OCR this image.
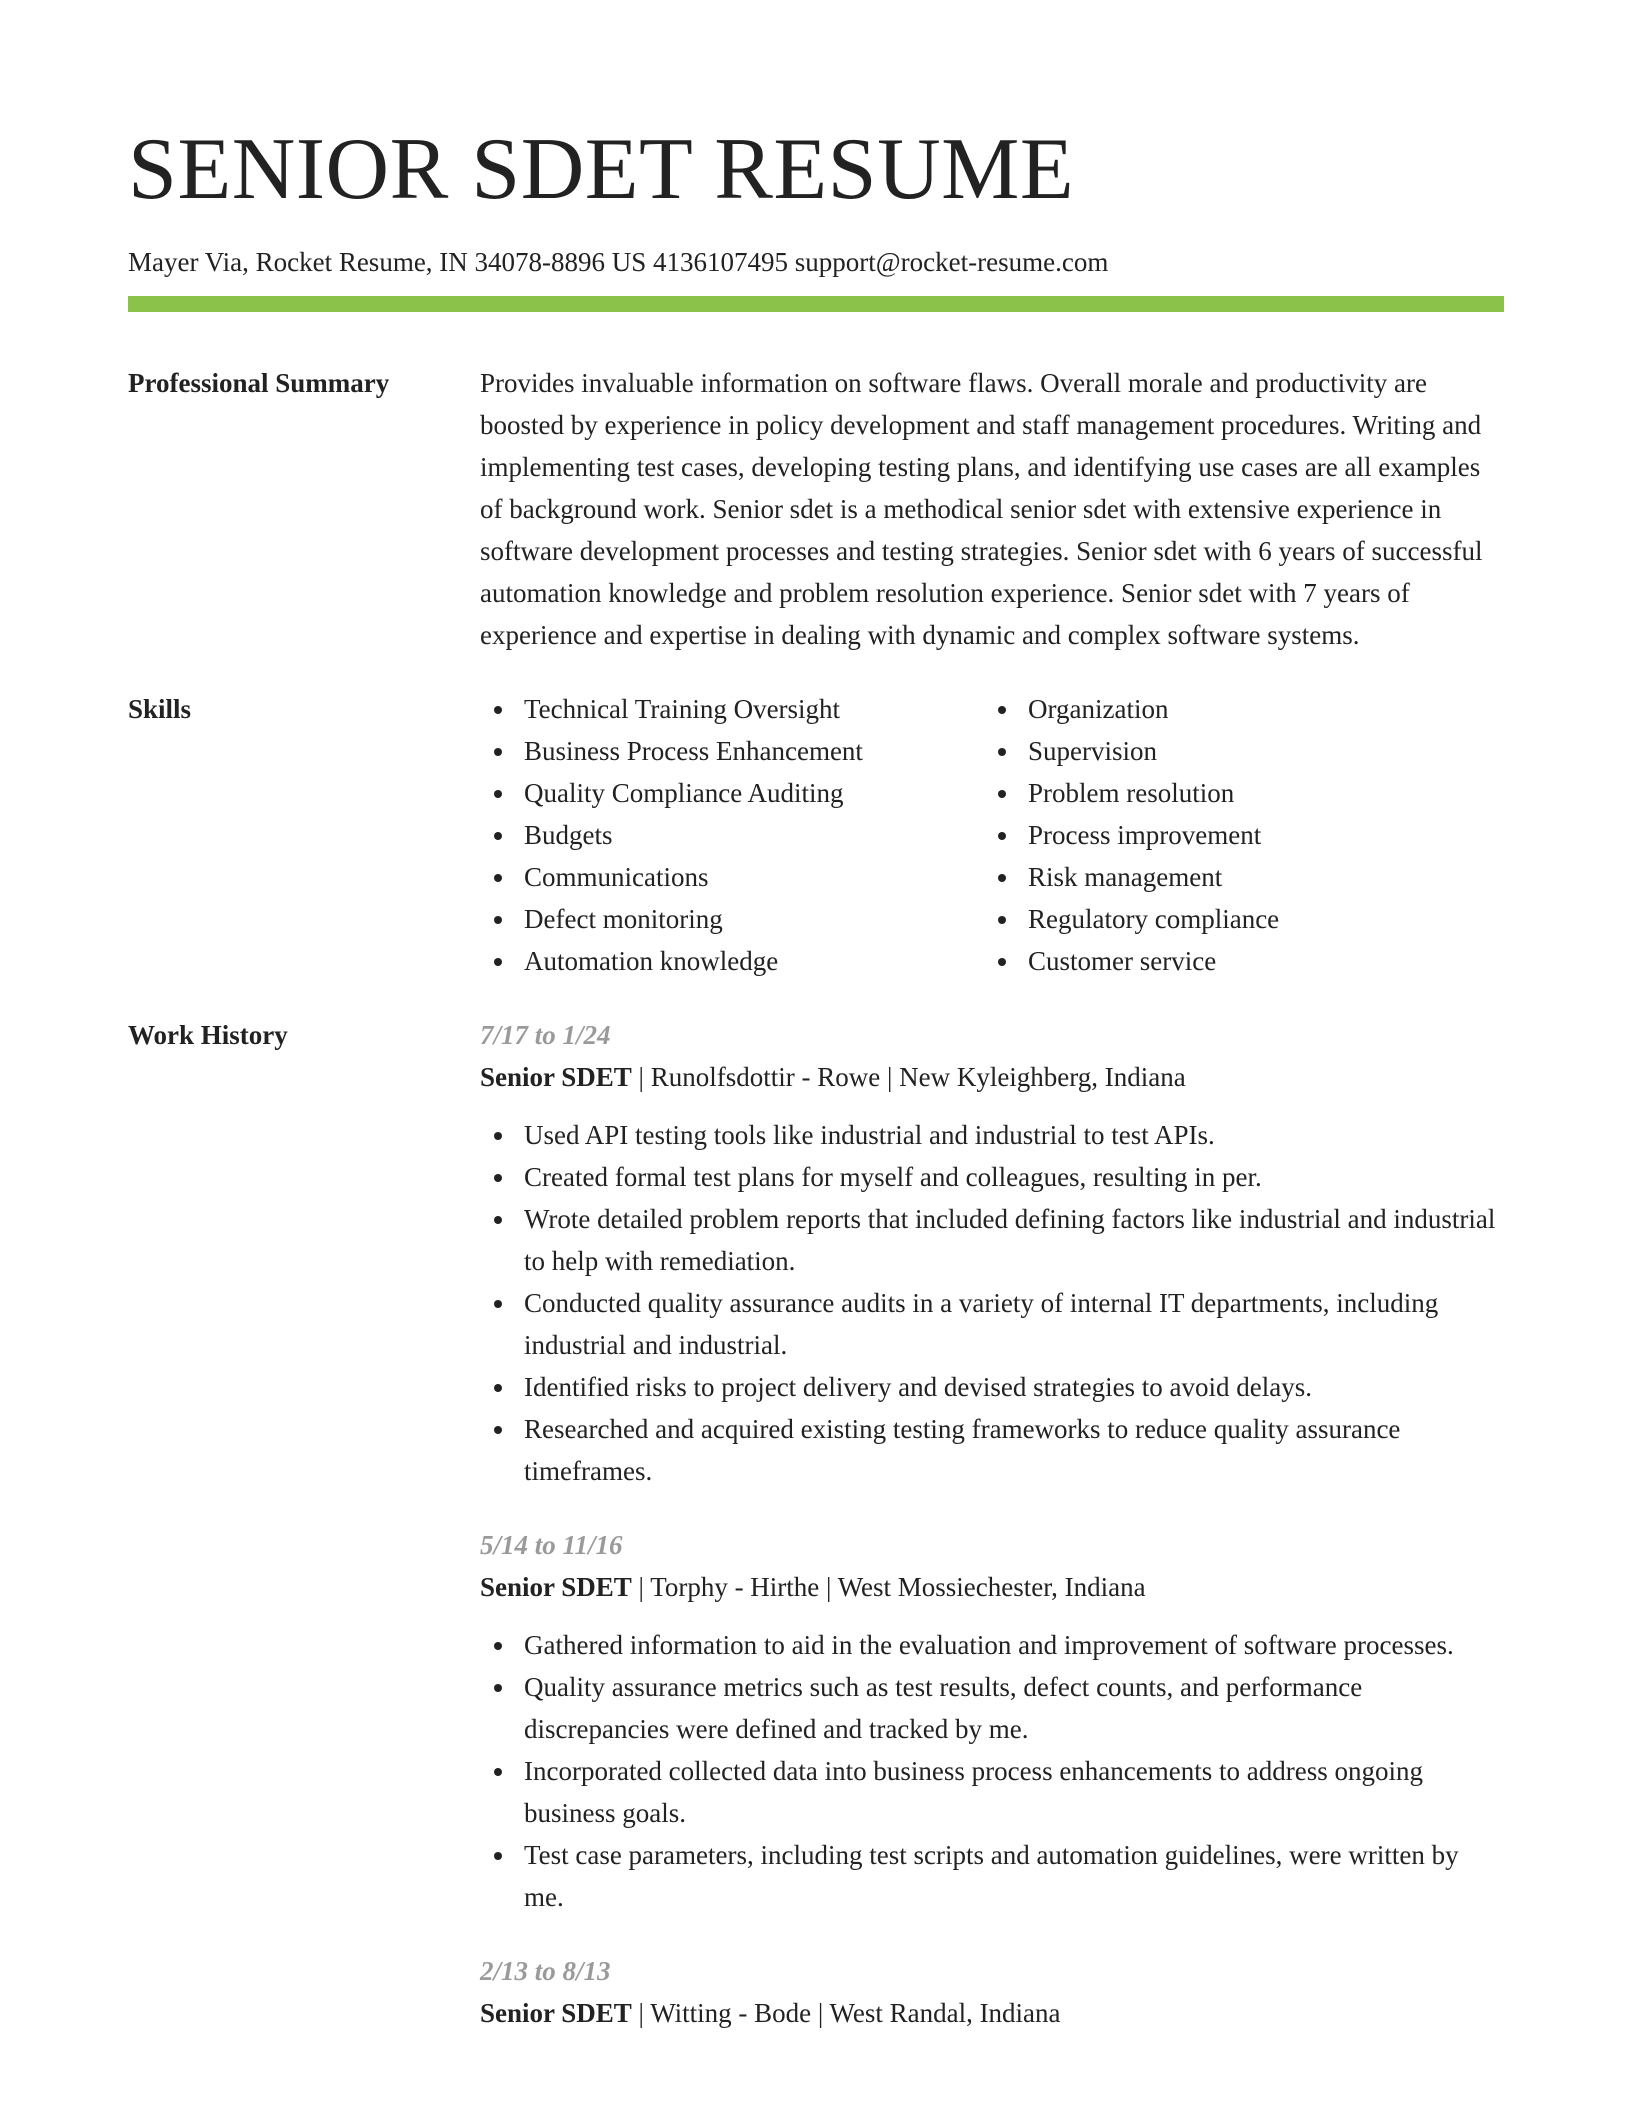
SENIOR SDET RESUME
Mayer Via, Rocket Resume, IN 34078-8896 US 4136107495 support@rocket-resume.com
Professional Summary	Provides invaluable information on software flaws. Overall morale and productivity are boosted by experience in policy development and staff management procedures. Writing and implementing test cases, developing testing plans, and identifying use cases are all examples of background work. Senior sdet is a methodical senior sdet with extensive experience in software development processes and testing strategies. Senior sdet with 6 years of successful automation knowledge and problem resolution experience. Senior sdet with 7 years of experience and expertise in dealing with dynamic and complex software systems.

Skills	Technical Training Oversight
Business Process Enhancement
Quality Compliance Auditing
Budgets
Communications
Defect monitoring
Automation knowledge
Organization
Supervision
Problem resolution
Process improvement
Risk management
Regulatory compliance
Customer service
Work History	7/17 to 1/24
Senior SDET | Runolfsdottir - Rowe | New Kyleighberg, Indiana
Used API testing tools like industrial and industrial to test APIs.
Created formal test plans for myself and colleagues, resulting in per.
Wrote detailed problem reports that included defining factors like industrial and industrial to help with remediation.
Conducted quality assurance audits in a variety of internal IT departments, including industrial and industrial.
Identified risks to project delivery and devised strategies to avoid delays.
Researched and acquired existing testing frameworks to reduce quality assurance timeframes.
5/14 to 11/16
Senior SDET | Torphy - Hirthe | West Mossiechester, Indiana
Gathered information to aid in the evaluation and improvement of software processes.
Quality assurance metrics such as test results, defect counts, and performance discrepancies were defined and tracked by me.
Incorporated collected data into business process enhancements to address ongoing business goals.
Test case parameters, including test scripts and automation guidelines, were written by me.
2/13 to 8/13
Senior SDET | Witting - Bode | West Randal, Indiana
